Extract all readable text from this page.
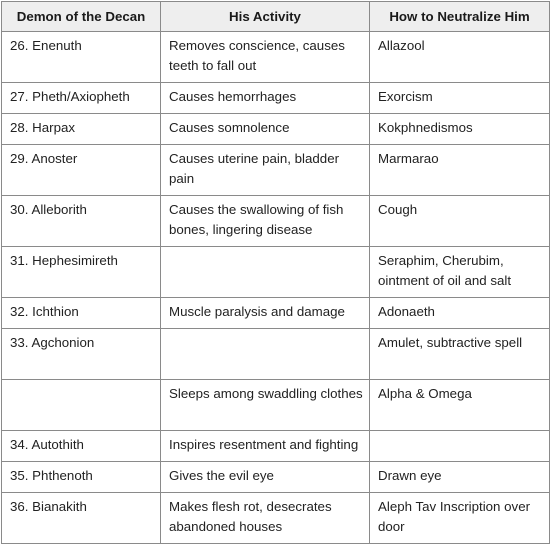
Demon of the Decan	His Activity	How to Neutralize Him
26. Enenuth	Removes conscience, causes teeth to fall out	Allazool
27. Pheth/Axiopheth	Causes hemorrhages	Exorcism
28. Harpax	Causes somnolence	Kokphnedismos
29. Anoster	Causes uterine pain, bladder pain	Marmarao
30. Alleborith	Causes the swallowing of fish bones, lingering disease	Cough
31. Hephesimireth		Seraphim, Cherubim, ointment of oil and salt
32. Ichthion	Muscle paralysis and damage	Adonaeth
33. Agchonion		Amulet, subtractive spell
	Sleeps among swaddling clothes	Alpha & Omega
34. Autothith	Inspires resentment and fighting	
35. Phthenoth	Gives the evil eye	Drawn eye
36. Bianakith	Makes flesh rot, desecrates abandoned houses	Aleph Tav Inscription over door
